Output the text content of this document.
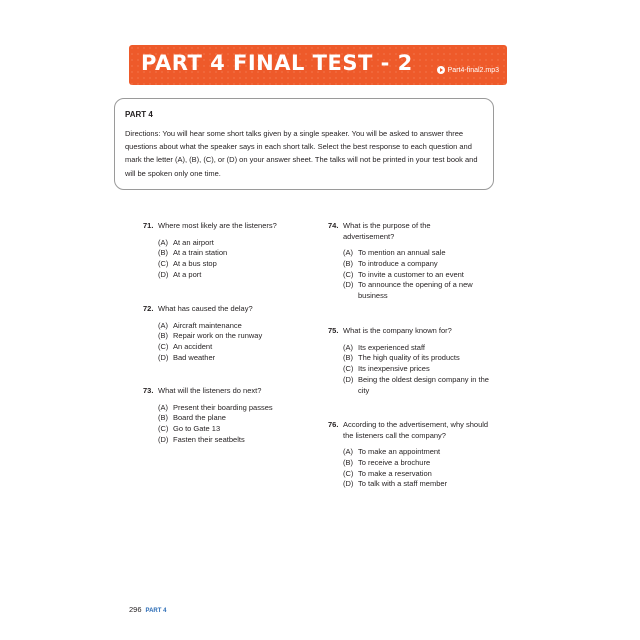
PART 4 FINAL TEST - 2	Part4-final2.mp3
PART 4
Directions: You will hear some short talks given by a single speaker. You will be asked to answer three questions about what the speaker says in each short talk. Select the best response to each question and mark the letter (A), (B), (C), or (D) on your answer sheet. The talks will not be printed in your test book and will be spoken only one time.
71. Where most likely are the listeners?
(A) At an airport
(B) At a train station
(C) At a bus stop
(D) At a port
72. What has caused the delay?
(A) Aircraft maintenance
(B) Repair work on the runway
(C) An accident
(D) Bad weather
73. What will the listeners do next?
(A) Present their boarding passes
(B) Board the plane
(C) Go to Gate 13
(D) Fasten their seatbelts
74. What is the purpose of the advertisement?
(A) To mention an annual sale
(B) To introduce a company
(C) To invite a customer to an event
(D) To announce the opening of a new business
75. What is the company known for?
(A) Its experienced staff
(B) The high quality of its products
(C) Its inexpensive prices
(D) Being the oldest design company in the city
76. According to the advertisement, why should the listeners call the company?
(A) To make an appointment
(B) To receive a brochure
(C) To make a reservation
(D) To talk with a staff member
296 PART 4
